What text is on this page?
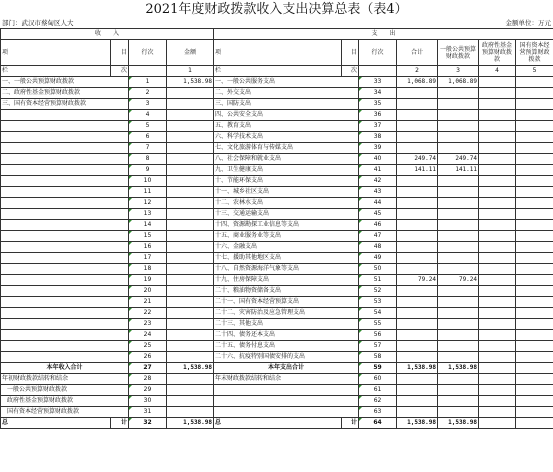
2021年度财政拨款收入支出决算总表（表4）
部门：武汉市蔡甸区人大	金额单位：万元
收　　入				支　　出						
项	目	行次	金额	项	目	行次	合计	一般公共预算财政拨款	政府性基金预算财政拨款	国有资本经营预算财政拨款
栏	次		1	栏	次		2	3	4	5
一、一般公共预算财政拨款		1	1,538.98	一、一般公共服务支出		33	1,068.89	1,068.89		
二、政府性基金预算财政拨款		2		二、外交支出		34				
三、国有资本经营预算财政拨款		3		三、国防支出		35				
		4		四、公共安全支出		36				
		5		五、教育支出		37				
		6		六、科学技术支出		38				
		7		七、文化旅游体育与传媒支出		39				
		8		八、社会保障和就业支出		40	249.74	249.74		
		9		九、卫生健康支出		41	141.11	141.11		
		10		十、节能环保支出		42				
		11		十一、城乡社区支出		43				
		12		十二、农林水支出		44				
		13		十三、交通运输支出		45				
		14		十四、资源勘探工业信息等支出		46				
		15		十五、商业服务业等支出		47				
		16		十六、金融支出		48				
		17		十七、援助其他地区支出		49				
		18		十八、自然资源海洋气象等支出		50				
		19		十九、住房保障支出		51	79.24	79.24		
		20		二十、粮油物资储备支出		52				
		21		二十一、国有资本经营预算支出		53				
		22		二十二、灾害防治及应急管理支出		54				
		23		二十三、其他支出		55				
		24		二十四、债务还本支出		56				
		25		二十五、债务付息支出		57				
		26		二十六、抗疫特别国债安排的支出		58				
本年收入合计		27	1,538.98	本年支出合计		59	1,538.98	1,538.98		
年初财政拨款结转和结余		28		年末财政拨款结转和结余		60				
一般公共预算财政拨款		29				61				
政府性基金预算财政拨款		30				62				
国有资本经营预算财政拨款		31				63				
总	计	32	1,538.98	总	计	64	1,538.98	1,538.98		
